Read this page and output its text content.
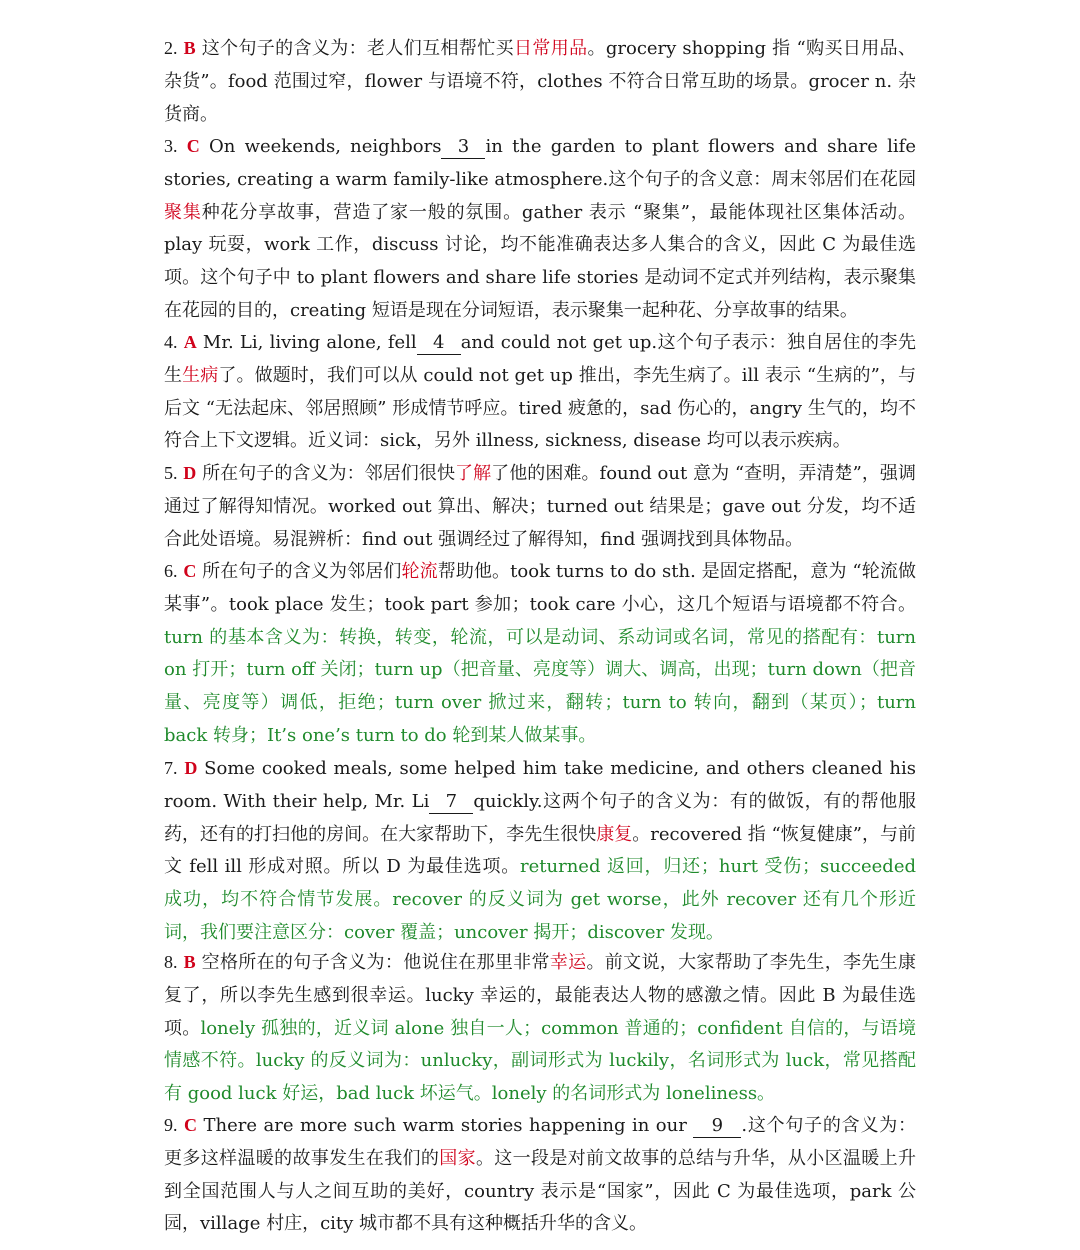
2. B 这个句子的含义为：老人们互相帮忙买日常用品。grocery shopping 指 “购买日用品、杂货”。food 范围过窄，flower 与语境不符，clothes 不符合日常互助的场景。grocer n. 杂货商。
3. C On weekends, neighbors 3 in the garden to plant flowers and share life stories, creating a warm family-like atmosphere.这个句子的含义意：周末邻居们在花园聚集种花分享故事，营造了家一般的氛围。gather 表示 “聚集”，最能体现社区集体活动。play 玩耍，work 工作，discuss 讨论，均不能准确表达多人集合的含义，因此 C 为最佳选项。这个句子中 to plant flowers and share life stories 是动词不定式并列结构，表示聚集在花园的目的，creating 短语是现在分词短语，表示聚集一起种花、分享故事的结果。
4. A Mr. Li, living alone, fell 4 and could not get up.这个句子表示：独自居住的李先生生病了。做题时，我们可以从 could not get up 推出，李先生病了。ill 表示 “生病的”，与后文 “无法起床、邻居照顾” 形成情节呼应。tired 疲惫的，sad 伤心的，angry 生气的，均不符合上下文逻辑。近义词：sick，另外 illness, sickness, disease 均可以表示疾病。
5. D 所在句子的含义为：邻居们很快了解了他的困难。found out 意为 “查明，弄清楚”，强调通过了解得知情况。worked out 算出、解决；turned out 结果是；gave out 分发，均不适合此处语境。易混辨析：find out 强调经过了解得知，find 强调找到具体物品。
6. C 所在句子的含义为邻居们轮流帮助他。took turns to do sth. 是固定搭配，意为 “轮流做某事”。took place 发生；took part 参加；took care 小心，这几个短语与语境都不符合。turn 的基本含义为：转换，转变，轮流，可以是动词、系动词或名词，常见的搭配有：turn on 打开；turn off 关闭；turn up（把音量、亮度等）调大、调高，出现；turn down（把音量、亮度等）调低，拒绝；turn over 掀过来，翻转；turn to 转向，翻到（某页）；turn back 转身；It’s one’s turn to do 轮到某人做某事。
7. D Some cooked meals, some helped him take medicine, and others cleaned his room. With their help, Mr. Li 7 quickly.这两个句子的含义为：有的做饭，有的帮他服药，还有的打扫他的房间。在大家帮助下，李先生很快康复。recovered 指 “恢复健康”，与前文 fell ill 形成对照。所以 D 为最佳选项。returned 返回，归还；hurt 受伤；succeeded 成功，均不符合情节发展。recover 的反义词为 get worse，此外 recover 还有几个形近词，我们要注意区分：cover 覆盖；uncover 揭开；discover 发现。
8. B 空格所在的句子含义为：他说住在那里非常幸运。前文说，大家帮助了李先生，李先生康复了，所以李先生感到很幸运。lucky 幸运的，最能表达人物的感激之情。因此 B 为最佳选项。lonely 孤独的，近义词 alone 独自一人；common 普通的；confident 自信的，与语境情感不符。lucky 的反义词为：unlucky，副词形式为 luckily，名词形式为 luck，常见搭配有 good luck 好运，bad luck 坏运气。lonely 的名词形式为 loneliness。
9. C There are more such warm stories happening in our 9 .这个句子的含义为：更多这样温暖的故事发生在我们的国家。这一段是对前文故事的总结与升华，从小区温暖上升到全国范围人与人之间互助的美好，country 表示是“国家”，因此 C 为最佳选项，park 公园，village 村庄，city 城市都不具有这种概括升华的含义。
